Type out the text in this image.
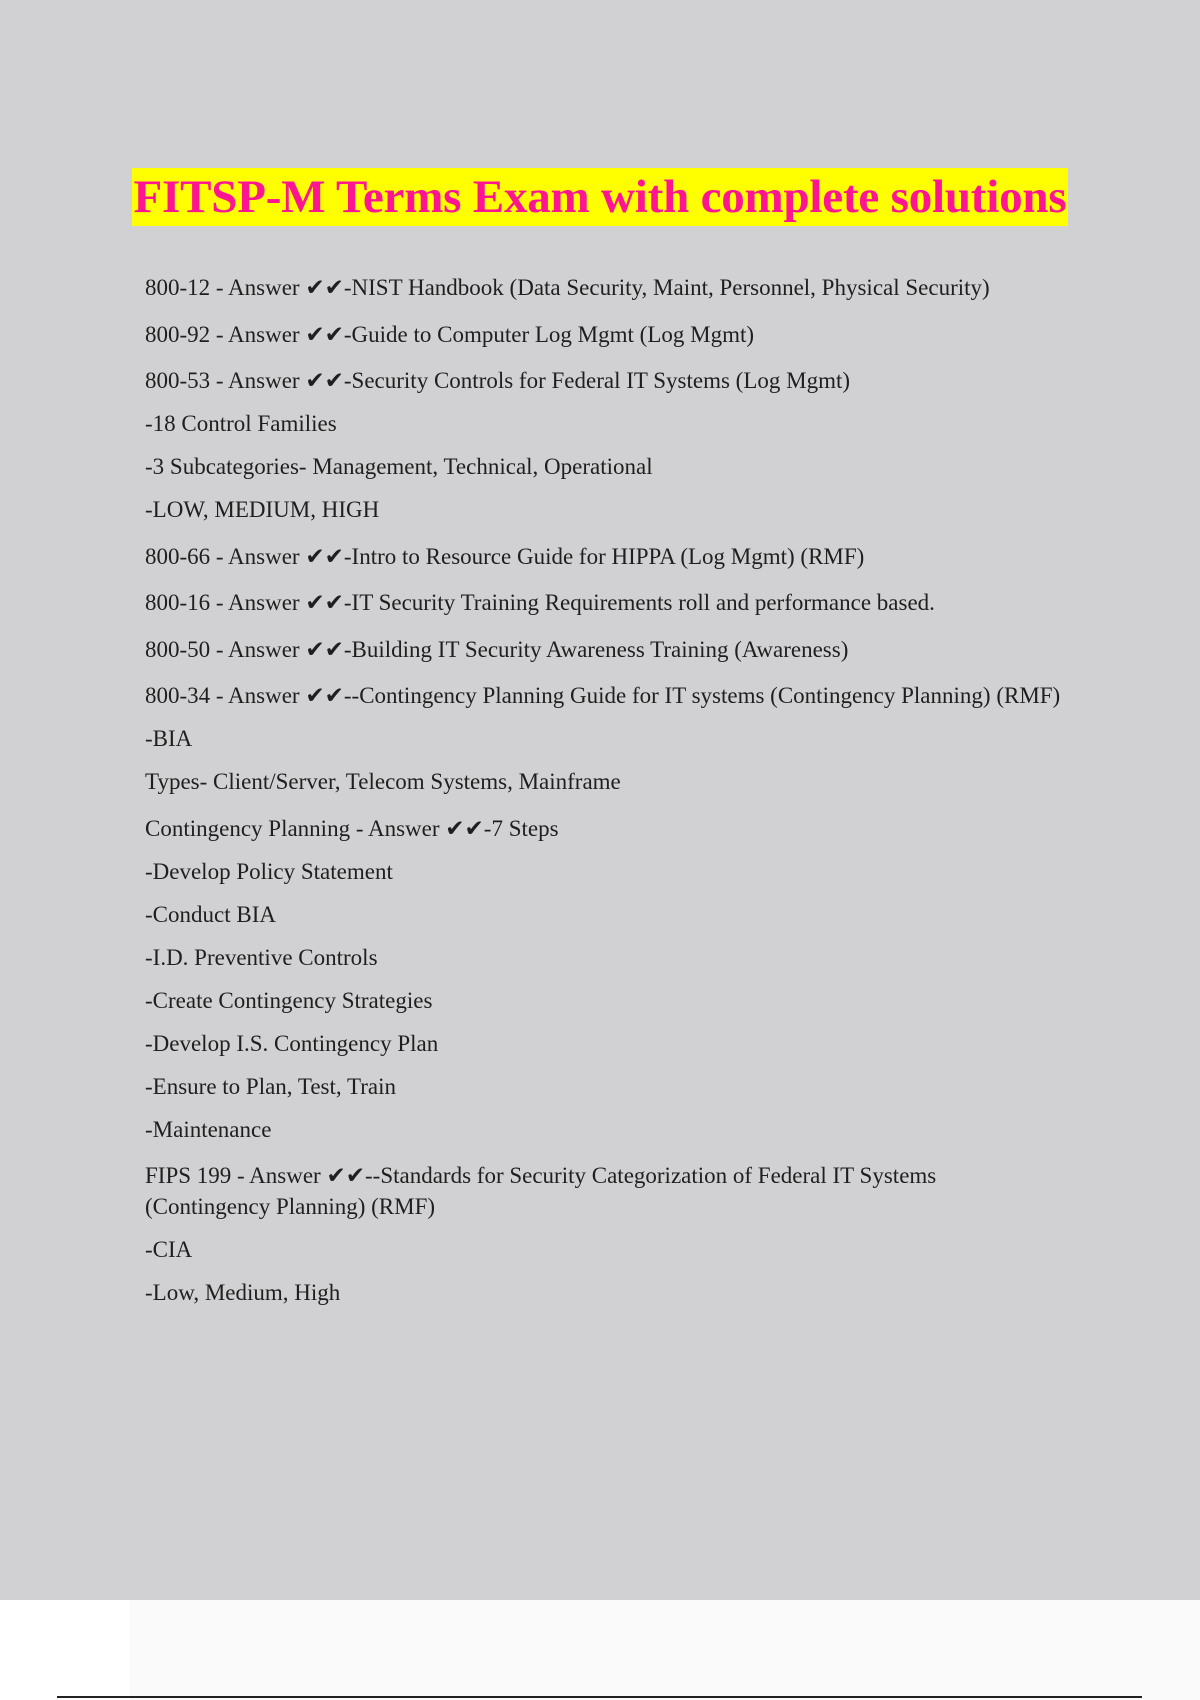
FITSP-M Terms Exam with complete solutions
800-12 - Answer ✔✔-NIST Handbook (Data Security, Maint, Personnel, Physical Security)
800-92 - Answer ✔✔-Guide to Computer Log Mgmt (Log Mgmt)
800-53 - Answer ✔✔-Security Controls for Federal IT Systems (Log Mgmt)
-18 Control Families
-3 Subcategories- Management, Technical, Operational
-LOW, MEDIUM, HIGH
800-66 - Answer ✔✔-Intro to Resource Guide for HIPPA (Log Mgmt) (RMF)
800-16 - Answer ✔✔-IT Security Training Requirements roll and performance based.
800-50 - Answer ✔✔-Building IT Security Awareness Training (Awareness)
800-34 - Answer ✔✔--Contingency Planning Guide for IT systems (Contingency Planning) (RMF)
-BIA
Types- Client/Server, Telecom Systems, Mainframe
Contingency Planning - Answer ✔✔-7 Steps
-Develop Policy Statement
-Conduct BIA
-I.D. Preventive Controls
-Create Contingency Strategies
-Develop I.S. Contingency Plan
-Ensure to Plan, Test, Train
-Maintenance
FIPS 199 - Answer ✔✔--Standards for Security Categorization of Federal IT Systems (Contingency Planning) (RMF)
-CIA
-Low, Medium, High
